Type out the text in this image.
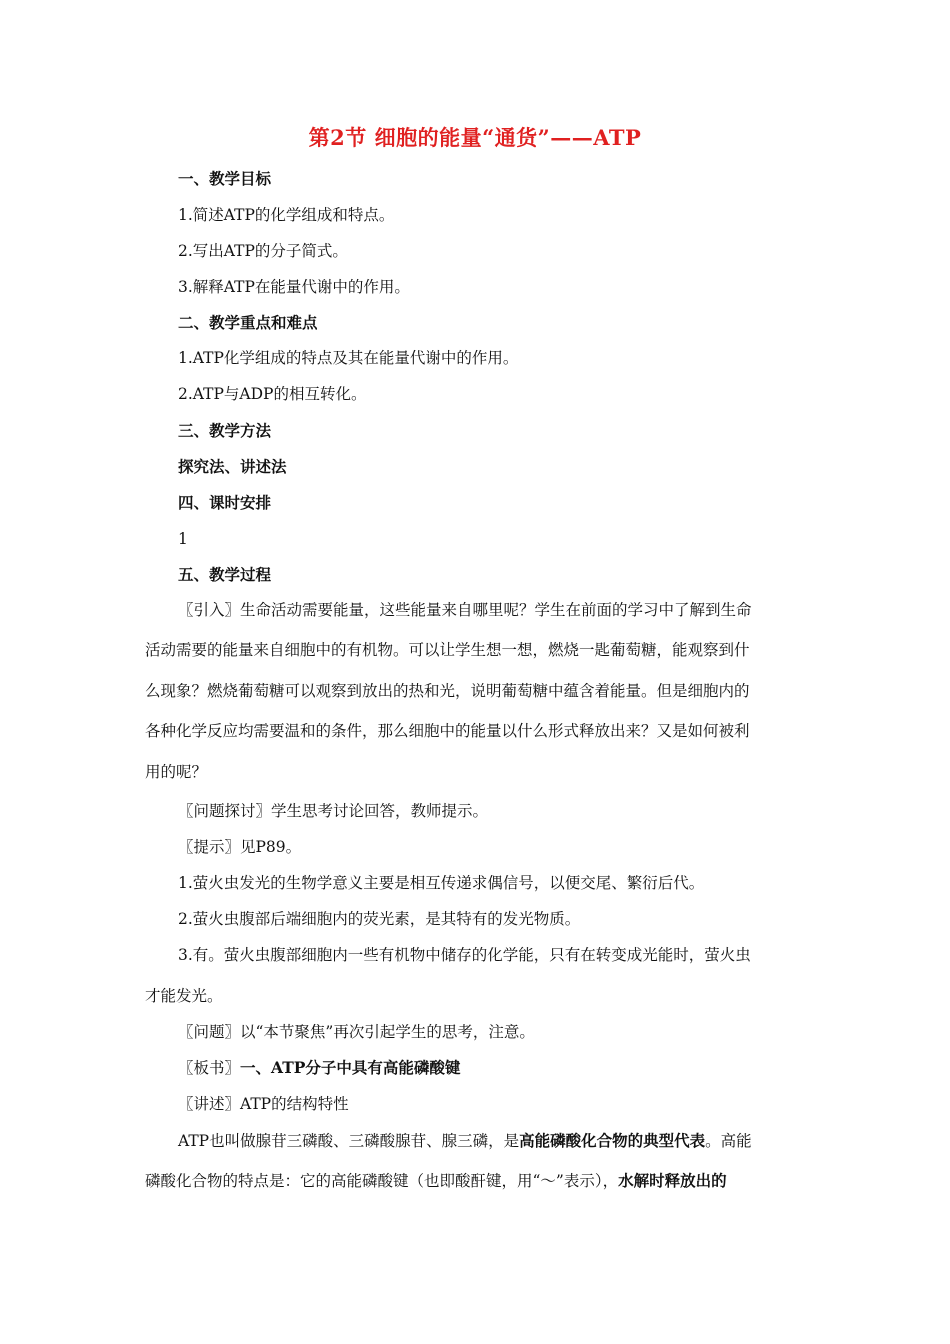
第2节 细胞的能量“通货”——ATP
一、教学目标
1.简述ATP的化学组成和特点。
2.写出ATP的分子简式。
3.解释ATP在能量代谢中的作用。
二、教学重点和难点
1.ATP化学组成的特点及其在能量代谢中的作用。
2.ATP与ADP的相互转化。
三、教学方法
探究法、讲述法
四、课时安排
1
五、教学过程
〖引入〗生命活动需要能量，这些能量来自哪里呢？学生在前面的学习中了解到生命
活动需要的能量来自细胞中的有机物。可以让学生想一想，燃烧一匙葡萄糖，能观察到什
么现象？燃烧葡萄糖可以观察到放出的热和光，说明葡萄糖中蕴含着能量。但是细胞内的
各种化学反应均需要温和的条件，那么细胞中的能量以什么形式释放出来？又是如何被利
用的呢？
〖问题探讨〗学生思考讨论回答，教师提示。
〖提示〗见P89。
1.萤火虫发光的生物学意义主要是相互传递求偶信号，以便交尾、繁衍后代。
2.萤火虫腹部后端细胞内的荧光素，是其特有的发光物质。
3.有。萤火虫腹部细胞内一些有机物中储存的化学能，只有在转变成光能时，萤火虫
才能发光。
〖问题〗以“本节聚焦”再次引起学生的思考，注意。
〖板书〗一、ATP分子中具有高能磷酸键
〖讲述〗ATP的结构特性
ATP也叫做腺苷三磷酸、三磷酸腺苷、腺三磷，是高能磷酸化合物的典型代表。高能
磷酸化合物的特点是：它的高能磷酸键（也即酸酐键，用“～”表示），水解时释放出的
